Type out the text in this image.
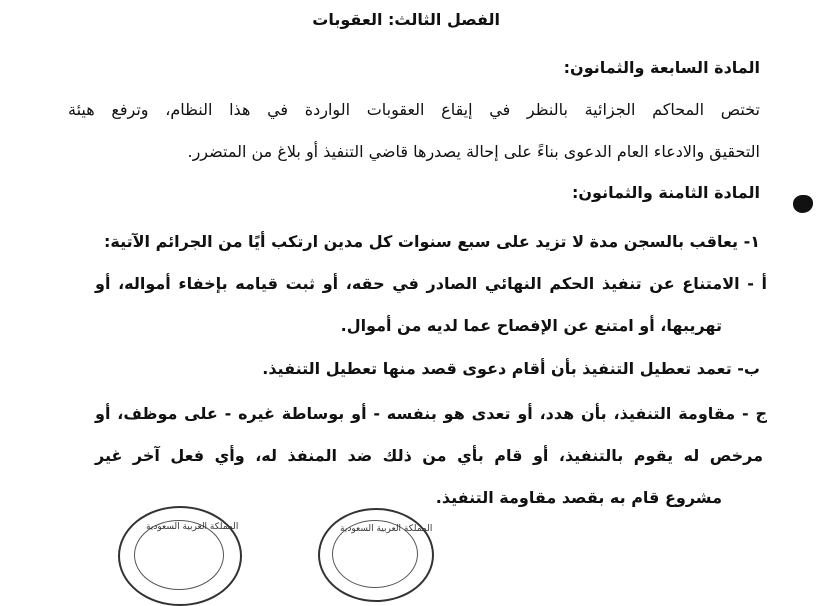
الفصل الثالث: العقوبات
المادة السابعة والثمانون:
تختص المحاكم الجزائية بالنظر في إيقاع العقوبات الواردة في هذا النظام، وترفع هيئة
التحقيق والادعاء العام الدعوى بناءً على إحالة يصدرها قاضي التنفيذ أو بلاغ من المتضرر.
المادة الثامنة والثمانون:
١- يعاقب بالسجن مدة لا تزيد على سبع سنوات كل مدين ارتكب أيًا من الجرائم الآتية:
أ - الامتناع عن تنفيذ الحكم النهائي الصادر في حقه، أو ثبت قيامه بإخفاء أمواله، أو
تهريبها، أو امتنع عن الإفصاح عما لديه من أموال.
ب- تعمد تعطيل التنفيذ بأن أقام دعوى قصد منها تعطيل التنفيذ.
ج - مقاومة التنفيذ، بأن هدد، أو تعدى هو بنفسه - أو بوساطة غيره - على موظف، أو
مرخص له يقوم بالتنفيذ، أو قام بأي من ذلك ضد المنفذ له، وأي فعل آخر غير
مشروع قام به بقصد مقاومة التنفيذ.
المملكة العربية السعودية	المملكة العربية السعودية
